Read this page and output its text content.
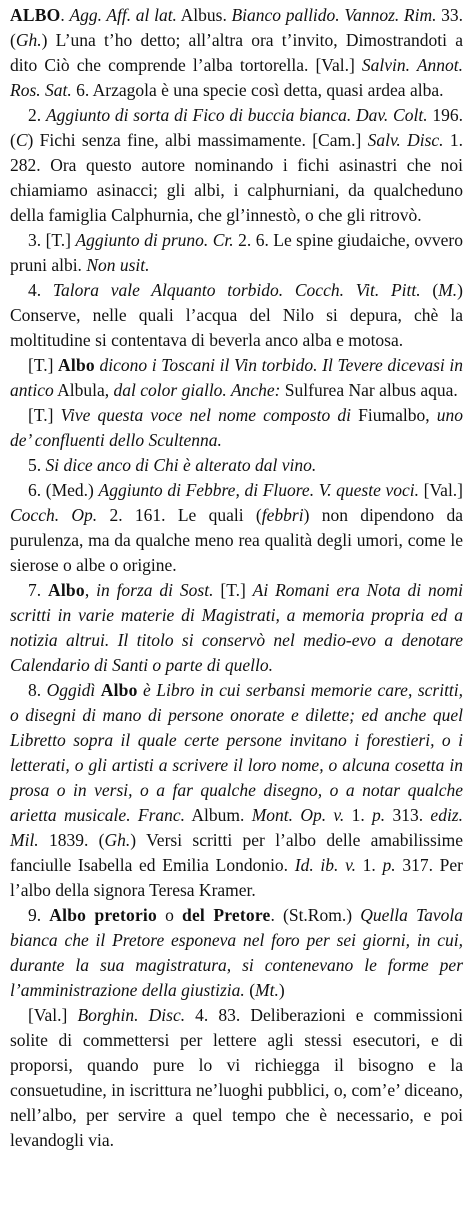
ALBO. Agg. Aff. al lat. Albus. Bianco pallido. Vannoz. Rim. 33. (Gh.) L’una t’ho detto; all’altra ora t’invito, Dimostrandoti a dito Ciò che comprende l’alba tortorella. [Val.] Salvin. Annot. Ros. Sat. 6. Arzagola è una specie così detta, quasi ardea alba.

2. Aggiunto di sorta di Fico di buccia bianca. Dav. Colt. 196. (C) Fichi senza fine, albi massimamente. [Cam.] Salv. Disc. 1. 282. Ora questo autore nominando i fichi asinastri che noi chiamiamo asinacci; gli albi, i calphurniani, da qualcheduno della famiglia Calphurnia, che gl’innestò, o che gli ritrovò.

3. [T.] Aggiunto di pruno. Cr. 2. 6. Le spine giudaiche, ovvero pruni albi. Non usit.

4. Talora vale Alquanto torbido. Cocch. Vit. Pitt. (M.) Conserve, nelle quali l’acqua del Nilo si depura, chè la moltitudine si contentava di beverla anco alba e motosa.

[T.] Albo dicono i Toscani il Vin torbido. Il Tevere dicevasi in antico Albula, dal color giallo. Anche: Sulfurea Nar albus aqua.

[T.] Vive questa voce nel nome composto di Fiumalbo, uno de’ confluenti dello Scultenna.

5. Si dice anco di Chi è alterato dal vino.

6. (Med.) Aggiunto di Febbre, di Fluore. V. queste voci. [Val.] Cocch. Op. 2. 161. Le quali (febbri) non dipendono da purulenza, ma da qualche meno rea qualità degli umori, come le sierose o albe o origine.

7. Albo, in forza di Sost. [T.] Ai Romani era Nota di nomi scritti in varie materie di Magistrati, a memoria propria ed a notizia altrui. Il titolo si conservò nel medio-evo a denotare Calendario di Santi o parte di quello.

8. Oggidì Albo è Libro in cui serbansi memorie care, scritti, o disegni di mano di persone onorate e dilette; ed anche quel Libretto sopra il quale certe persone invitano i forestieri, o i letterati, o gli artisti a scrivere il loro nome, o alcuna cosetta in prosa o in versi, o a far qualche disegno, o a notar qualche arietta musicale. Franc. Album. Mont. Op. v. 1. p. 313. ediz. Mil. 1839. (Gh.) Versi scritti per l’albo delle amabilissime fanciulle Isabella ed Emilia Londonio. Id. ib. v. 1. p. 317. Per l’albo della signora Teresa Kramer.

9. Albo pretorio o del Pretore. (St.Rom.) Quella Tavola bianca che il Pretore esponeva nel foro per sei giorni, in cui, durante la sua magistratura, si contenevano le forme per l’amministrazione della giustizia. (Mt.)

[Val.] Borghin. Disc. 4. 83. Deliberazioni e commissioni solite di commettersi per lettere agli stessi esecutori, e di proporsi, quando pure lo vi richiegga il bisogno e la consuetudine, in iscrittura ne’luoghi pubblici, o, com’e’ diceano, nell’albo, per servire a quel tempo che è necessario, e poi levandogli via.
